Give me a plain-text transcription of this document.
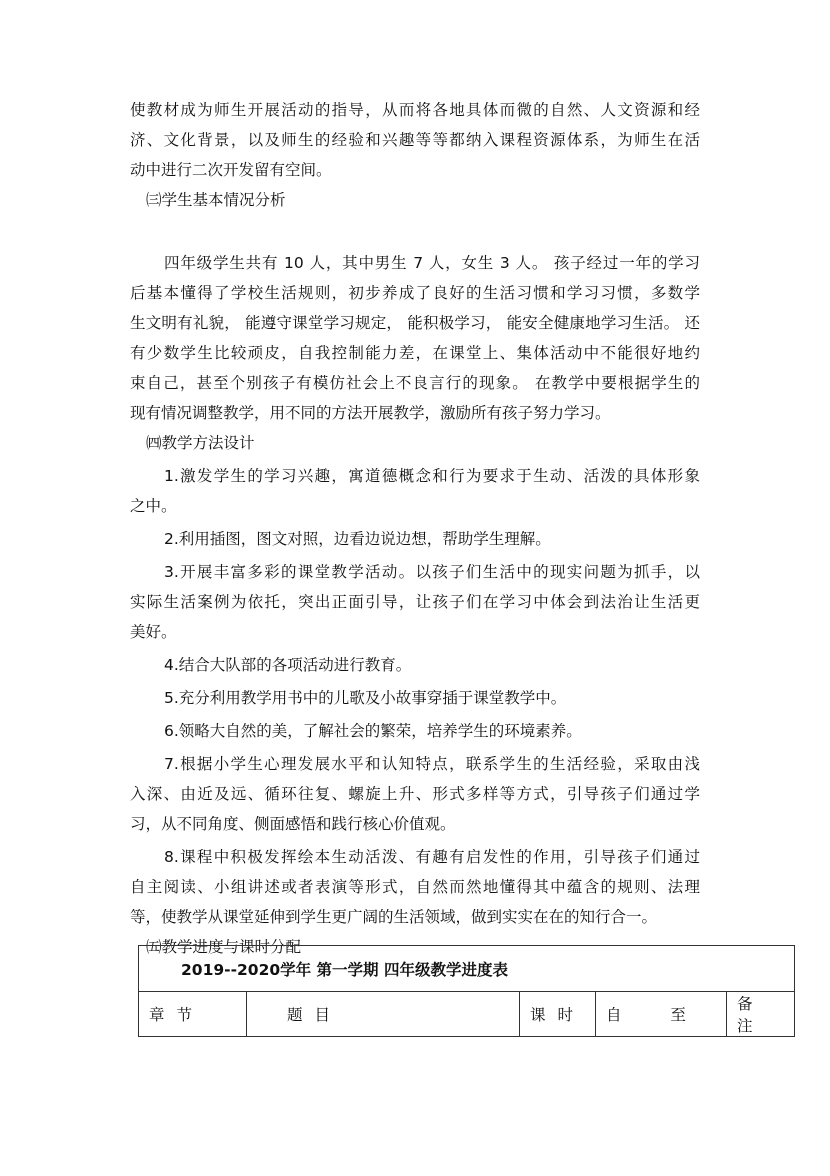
使教材成为师生开展活动的指导，从而将各地具体而微的自然、人文资源和经
济、文化背景，以及师生的经验和兴趣等等都纳入课程资源体系，为师生在活
动中进行二次开发留有空间。
㈢学生基本情况分析
四年级学生共有 10 人，其中男生 7 人，女生 3 人。 孩子经过一年的学习
后基本懂得了学校生活规则，初步养成了良好的生活习惯和学习习惯，多数学
生文明有礼貌， 能遵守课堂学习规定， 能积极学习， 能安全健康地学习生活。 还
有少数学生比较顽皮，自我控制能力差，在课堂上、集体活动中不能很好地约
束自己，甚至个别孩子有模仿社会上不良言行的现象。 在教学中要根据学生的
现有情况调整教学，用不同的方法开展教学，激励所有孩子努力学习。
㈣教学方法设计
1.激发学生的学习兴趣，寓道德概念和行为要求于生动、活泼的具体形象
之中。
2.利用插图，图文对照，边看边说边想，帮助学生理解。
3.开展丰富多彩的课堂教学活动。以孩子们生活中的现实问题为抓手，以
实际生活案例为依托，突出正面引导，让孩子们在学习中体会到法治让生活更
美好。
4.结合大队部的各项活动进行教育。
5.充分利用教学用书中的儿歌及小故事穿插于课堂教学中。
6.领略大自然的美，了解社会的繁荣，培养学生的环境素养。
7.根据小学生心理发展水平和认知特点，联系学生的生活经验，采取由浅
入深、由近及远、循环往复、螺旋上升、形式多样等方式，引导孩子们通过学
习，从不同角度、侧面感悟和践行核心价值观。
8.课程中积极发挥绘本生动活泼、有趣有启发性的作用，引导孩子们通过
自主阅读、小组讲述或者表演等形式，自然而然地懂得其中蕴含的规则、法理
等，使教学从课堂延伸到学生更广阔的生活领域，做到实实在在的知行合一。
㈤教学进度与课时分配
2019--2020学年 第一学期 四年级教学进度表
章节	题目	课时	自 至	备 注
